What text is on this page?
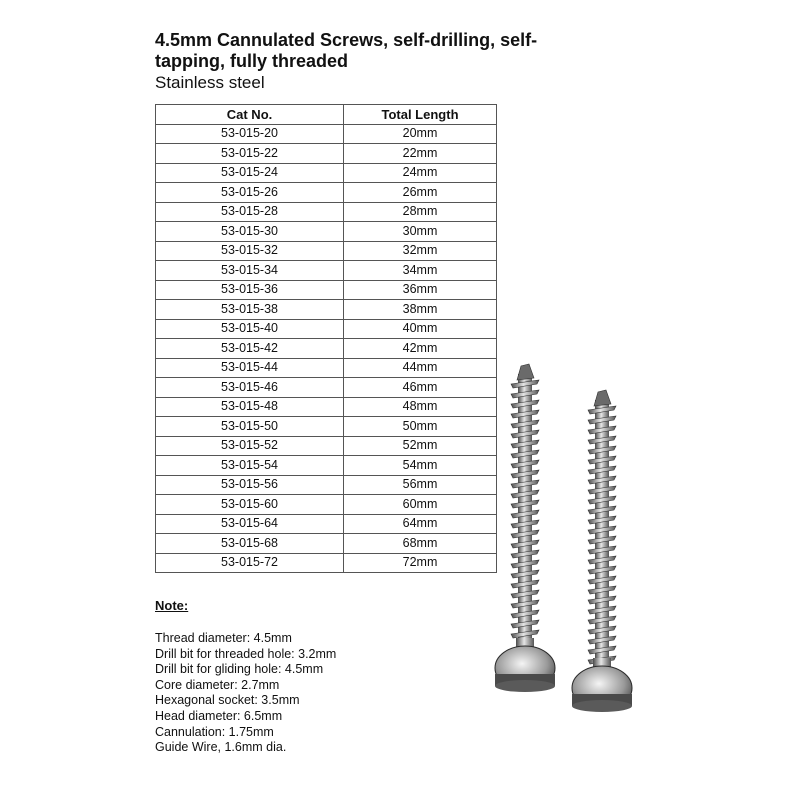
4.5mm Cannulated Screws, self-drilling, self-tapping, fully threaded
Stainless steel
Cat No.	Total Length
53-015-20	20mm
53-015-22	22mm
53-015-24	24mm
53-015-26	26mm
53-015-28	28mm
53-015-30	30mm
53-015-32	32mm
53-015-34	34mm
53-015-36	36mm
53-015-38	38mm
53-015-40	40mm
53-015-42	42mm
53-015-44	44mm
53-015-46	46mm
53-015-48	48mm
53-015-50	50mm
53-015-52	52mm
53-015-54	54mm
53-015-56	56mm
53-015-60	60mm
53-015-64	64mm
53-015-68	68mm
53-015-72	72mm
Note:
Thread diameter: 4.5mm
Drill bit for threaded hole: 3.2mm
Drill bit for gliding hole: 4.5mm
Core diameter: 2.7mm
Hexagonal socket: 3.5mm
Head diameter: 6.5mm
Cannulation: 1.75mm
Guide Wire, 1.6mm dia.
